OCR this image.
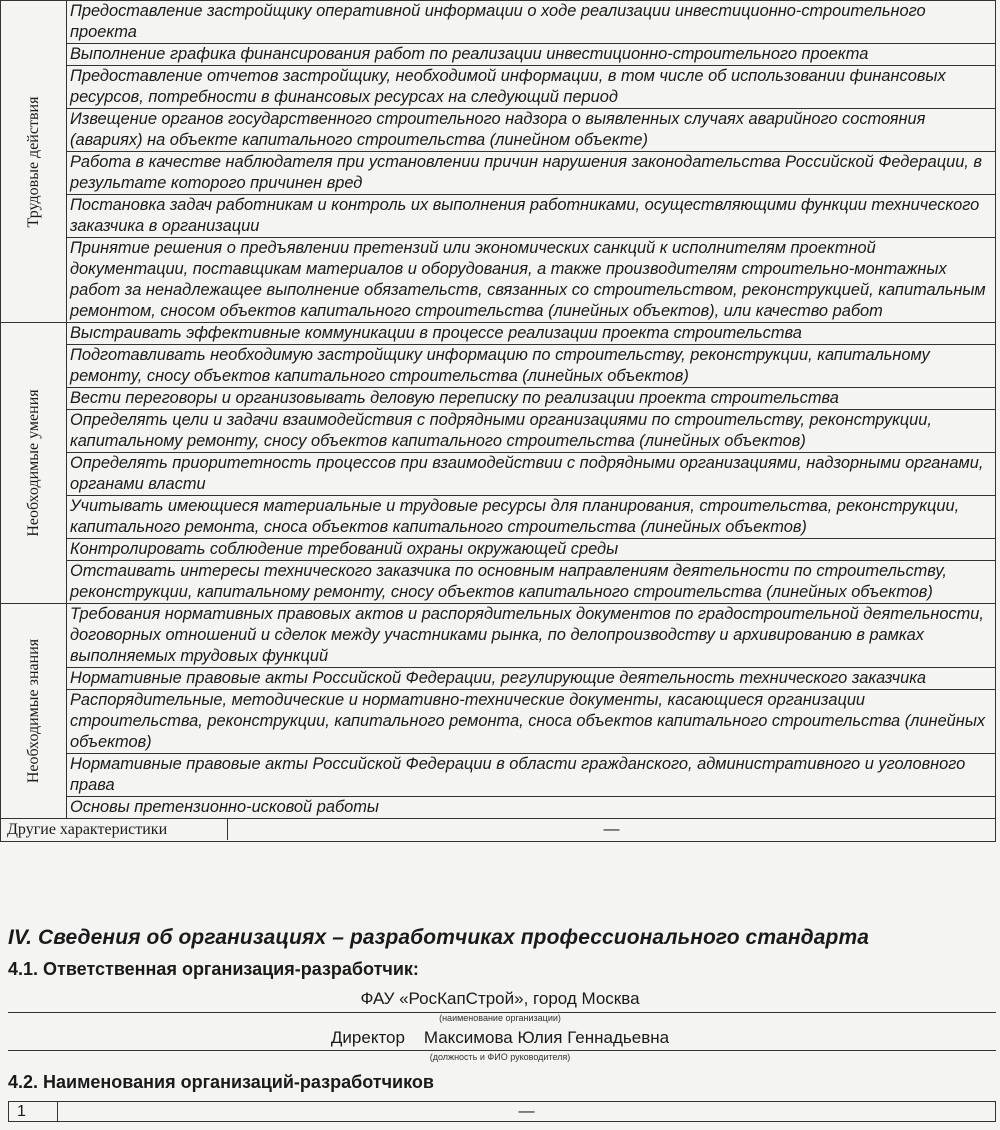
Трудовые действия	Предоставление застройщику оперативной информации о ходе реализации инвестиционно-строительного проекта
	Выполнение графика финансирования работ по реализации инвестиционно-строительного проекта
	Предоставление отчетов застройщику, необходимой информации, в том числе об использовании финансовых ресурсов, потребности в финансовых ресурсах на следующий период
	Извещение органов государственного строительного надзора о выявленных случаях аварийного состояния (авариях) на объекте капитального строительства (линейном объекте)
	Работа в качестве наблюдателя при установлении причин нарушения законодательства Российской Федерации, в результате которого причинен вред
	Постановка задач работникам и контроль их выполнения работниками, осуществляющими функции технического заказчика в организации
	Принятие решения о предъявлении претензий или экономических санкций к исполнителям проектной документации, поставщикам материалов и оборудования, а также производителям строительно-монтажных работ за ненадлежащее выполнение обязательств, связанных со строительством, реконструкцией, капитальным ремонтом, сносом объектов капитального строительства (линейных объектов), или качество работ

Необходимые умения	Выстраивать эффективные коммуникации в процессе реализации проекта строительства
	Подготавливать необходимую застройщику информацию по строительству, реконструкции, капитальному ремонту, сносу объектов капитального строительства (линейных объектов)
	Вести переговоры и организовывать деловую переписку по реализации проекта строительства
	Определять цели и задачи взаимодействия с подрядными организациями по строительству, реконструкции, капитальному ремонту, сносу объектов капитального строительства (линейных объектов)
	Определять приоритетность процессов при взаимодействии с подрядными организациями, надзорными органами, органами власти
	Учитывать имеющиеся материальные и трудовые ресурсы для планирования, строительства, реконструкции, капитального ремонта, сноса объектов капитального строительства (линейных объектов)
	Контролировать соблюдение требований охраны окружающей среды
	Отстаивать интересы технического заказчика по основным направлениям деятельности по строительству, реконструкции, капитальному ремонту, сносу объектов капитального строительства (линейных объектов)

Необходимые знания	Требования нормативных правовых актов и распорядительных документов по градостроительной деятельности, договорных отношений и сделок между участниками рынка, по делопроизводству и архивированию в рамках выполняемых трудовых функций
	Нормативные правовые акты Российской Федерации, регулирующие деятельность технического заказчика
	Распорядительные, методические и нормативно-технические документы, касающиеся организации строительства, реконструкции, капитального ремонта, сноса объектов капитального строительства (линейных объектов)
	Нормативные правовые акты Российской Федерации в области гражданского, административного и уголовного права
	Основы претензионно-исковой работы

Другие характеристики —	
IV. Сведения об организациях – разработчиках профессионального стандарта
4.1. Ответственная организация-разработчик:
ФАУ «РосКапСтрой», город Москва
(наименование организации)
Директор Максимова Юлия Геннадьевна
(должность и ФИО руководителя)
4.2. Наименования организаций-разработчиков
1	—
